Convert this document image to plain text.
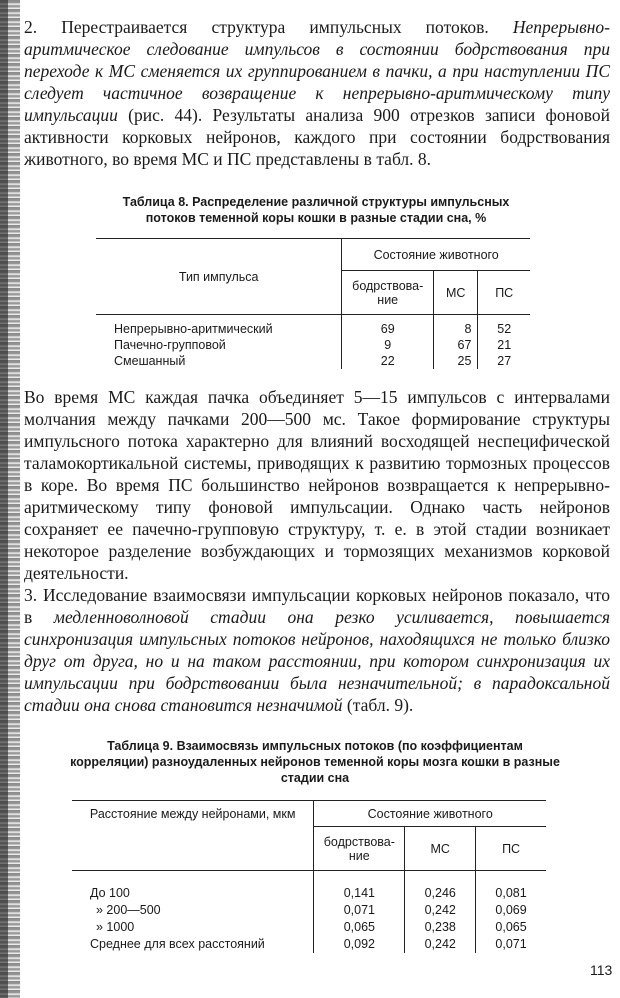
2. Перестраивается структура импульсных потоков. Непрерывно-аритмическое следование импульсов в состоянии бодрствования при переходе к МС сменяется их группированием в пачки, а при наступлении ПС следует частичное возвращение к непрерывно-аритмическому типу импульсации (рис. 44). Результаты анализа 900 отрезков записи фоновой активности корковых нейронов, каждого при состоянии бодрствования животного, во время МС и ПС представлены в табл. 8.

Таблица 8. Распределение различной структуры импульсных потоков теменной коры кошки в разные стадии сна, %
Тип импульса	Состояние животного		
	бодрствова-ние	МС	ПС

Непрерывно-аритмический	69	8	52
Пачечно-групповой	9	67	21
Смешанный	22	25	27

Во время МС каждая пачка объединяет 5—15 импульсов с интервалами молчания между пачками 200—500 мс. Такое формирование структуры импульсного потока характерно для влияний восходящей неспецифической таламокортикальной системы, приводящих к развитию тормозных процессов в коре. Во время ПС большинство нейронов возвращается к непрерывно-аритмическому типу фоновой импульсации. Однако часть нейронов сохраняет ее пачечно-групповую структуру, т. е. в этой стадии возникает некоторое разделение возбуждающих и тормозящих механизмов корковой деятельности.

3. Исследование взаимосвязи импульсации корковых нейронов показало, что в медленноволновой стадии она резко усиливается, повышается синхронизация импульсных потоков нейронов, находящихся не только близко друг от друга, но и на таком расстоянии, при котором синхронизация их импульсации при бодрствовании была незначительной; в парадоксальной стадии она снова становится незначимой (табл. 9).

Таблица 9. Взаимосвязь импульсных потоков (по коэффициентам корреляции) разноудаленных нейронов теменной коры мозга кошки в разные стадии сна
Расстояние между нейронами, мкм	Состояние животного		
	бодрствова-ние	МС	ПС

До 100	0,141	0,246	0,081
» 200—500	0,071	0,242	0,069
» 1000	0,065	0,238	0,065
Среднее для всех расстояний	0,092	0,242	0,071
113
